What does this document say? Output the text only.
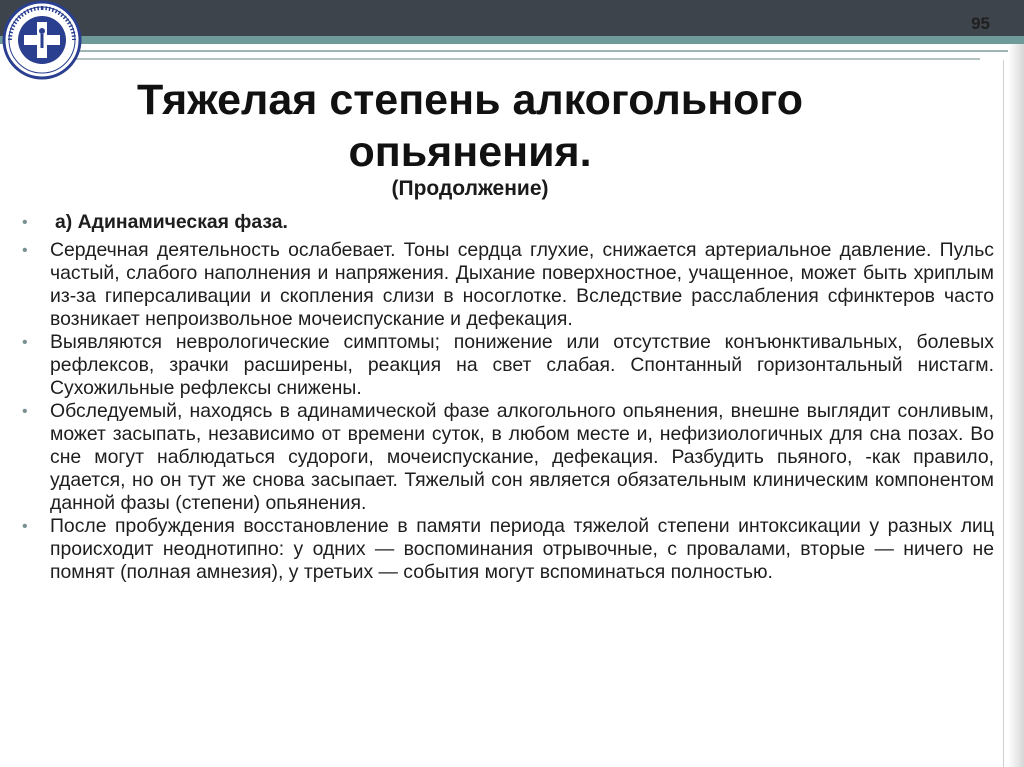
95
Тяжелая степень алкогольного опьянения.
(Продолжение)
•	а) Адинамическая фаза.
•	Сердечная деятельность ослабевает. Тоны сердца глухие, снижается артериальное давление. Пульс частый, слабого наполнения и напряжения. Дыхание поверхностное, учащенное, может быть хриплым из-за гиперсаливации и скопления слизи в носоглотке. Вследствие расслабления сфинктеров часто возникает непроизвольное мочеиспускание и дефекация.
•	Выявляются неврологические симптомы; понижение или отсутствие конъюнктивальных, болевых рефлексов, зрачки расширены, реакция на свет слабая. Спонтанный горизонтальный нистагм. Сухожильные рефлексы снижены.
•	Обследуемый, находясь в адинамической фазе алкогольного опьянения, внешне выглядит сонливым, может засыпать, независимо от времени суток, в любом месте и, нефизиологичных для сна позах. Во сне могут наблюдаться судороги, мочеиспускание, дефекация. Разбудить пьяного, -как правило, удается, но он тут же снова засыпает. Тяжелый сон является обязательным клиническим компонентом данной фазы (степени) опьянения.
•	После пробуждения восстановление в памяти периода тяжелой степени интоксикации у разных лиц происходит неоднотипно: у одних — воспоминания отрывочные, с провалами, вторые — ничего не помнят (полная амнезия), у третьих — события могут вспоминаться полностью.
